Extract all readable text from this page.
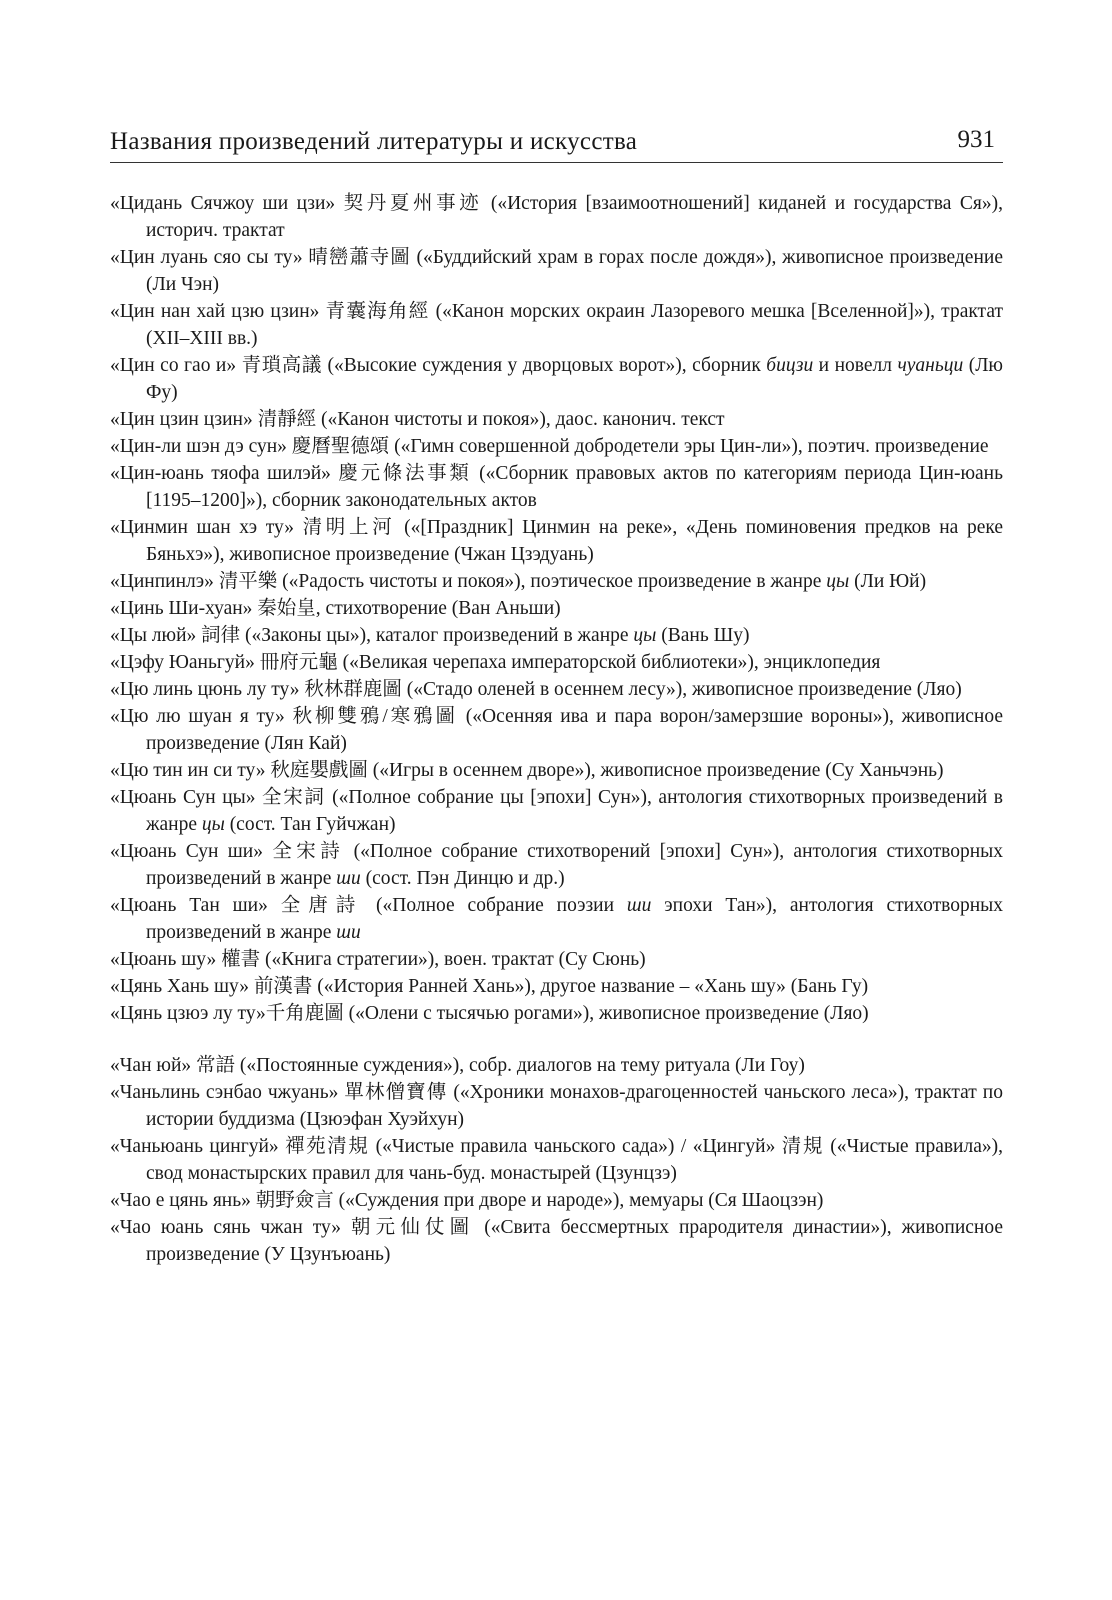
Названия произведений литературы и искусства	931

«Цидань Сячжоу ши цзи» 契丹夏州事迹 («История [взаимоотношений] киданей и государства Ся»), историч. трактат

«Цин луань сяо сы ту» 晴巒蕭寺圖 («Буддийский храм в горах после дождя»), живописное произведение (Ли Чэн)

«Цин нан хай цзю цзин» 青囊海角經 («Канон морских окраин Лазоревого мешка [Вселенной]»), трактат (XII–XIII вв.)

«Цин со гао и» 青瑣高議 («Высокие суждения у дворцовых ворот»), сборник бицзи и новелл чуаньци (Лю Фу)

«Цин цзин цзин» 清靜經 («Канон чистоты и покоя»), даос. канонич. текст

«Цин-ли шэн дэ сун» 慶曆聖德頌 («Гимн совершенной добродетели эры Цин-ли»), поэтич. произведение

«Цин-юань тяофа шилэй» 慶元條法事類 («Сборник правовых актов по категориям периода Цин-юань [1195–1200]»), сборник законодательных актов

«Цинмин шан хэ ту» 清明上河 («[Праздник] Цинмин на реке», «День поминовения предков на реке Бяньхэ»), живописное произведение (Чжан Цзэдуань)

«Цинпинлэ» 清平樂 («Радость чистоты и покоя»), поэтическое произведение в жанре цы (Ли Юй)

«Цинь Ши-хуан» 秦始皇, стихотворение (Ван Аньши)

«Цы люй» 詞律 («Законы цы»), каталог произведений в жанре цы (Вань Шу)

«Цэфу Юаньгуй» 冊府元龜 («Великая черепаха императорской библиотеки»), энциклопедия

«Цю линь цюнь лу ту» 秋林群鹿圖 («Стадо оленей в осеннем лесу»), живописное произведение (Ляо)

«Цю лю шуан я ту» 秋柳雙鴉/寒鴉圖 («Осенняя ива и пара ворон/замерзшие вороны»), живописное произведение (Лян Кай)

«Цю тин ин си ту» 秋庭嬰戲圖 («Игры в осеннем дворе»), живописное произведение (Су Ханьчэнь)

«Цюань Сун цы» 全宋詞 («Полное собрание цы [эпохи] Сун»), антология стихотворных произведений в жанре цы (сост. Тан Гуйчжан)

«Цюань Сун ши» 全宋詩 («Полное собрание стихотворений [эпохи] Сун»), антология стихотворных произведений в жанре ши (сост. Пэн Динцю и др.)

«Цюань Тан ши» 全唐詩 («Полное собрание поэзии ши эпохи Тан»), антология стихотворных произведений в жанре ши

«Цюань шу» 權書 («Книга стратегии»), воен. трактат (Су Сюнь)

«Цянь Хань шу» 前漢書 («История Ранней Хань»), другое название – «Хань шу» (Бань Гу)

«Цянь цзюэ лу ту»千角鹿圖 («Олени с тысячью рогами»), живописное произведение (Ляо)

«Чан юй» 常語 («Постоянные суждения»), собр. диалогов на тему ритуала (Ли Гоу)

«Чаньлинь сэнбао чжуань» 單林僧寶傳 («Хроники монахов-драгоценностей чаньского леса»), трактат по истории буддизма (Цзюэфан Хуэйхун)

«Чаньюань цингуй» 禪苑清規 («Чистые правила чаньского сада») / «Цингуй» 清規 («Чистые правила»), свод монастырских правил для чань-буд. монастырей (Цзунцзэ)

«Чао е цянь янь» 朝野僉言 («Суждения при дворе и народе»), мемуары (Ся Шаоцзэн)

«Чао юань сянь чжан ту» 朝元仙仗圖 («Свита бессмертных прародителя династии»), живописное произведение (У Цзунъюань)
